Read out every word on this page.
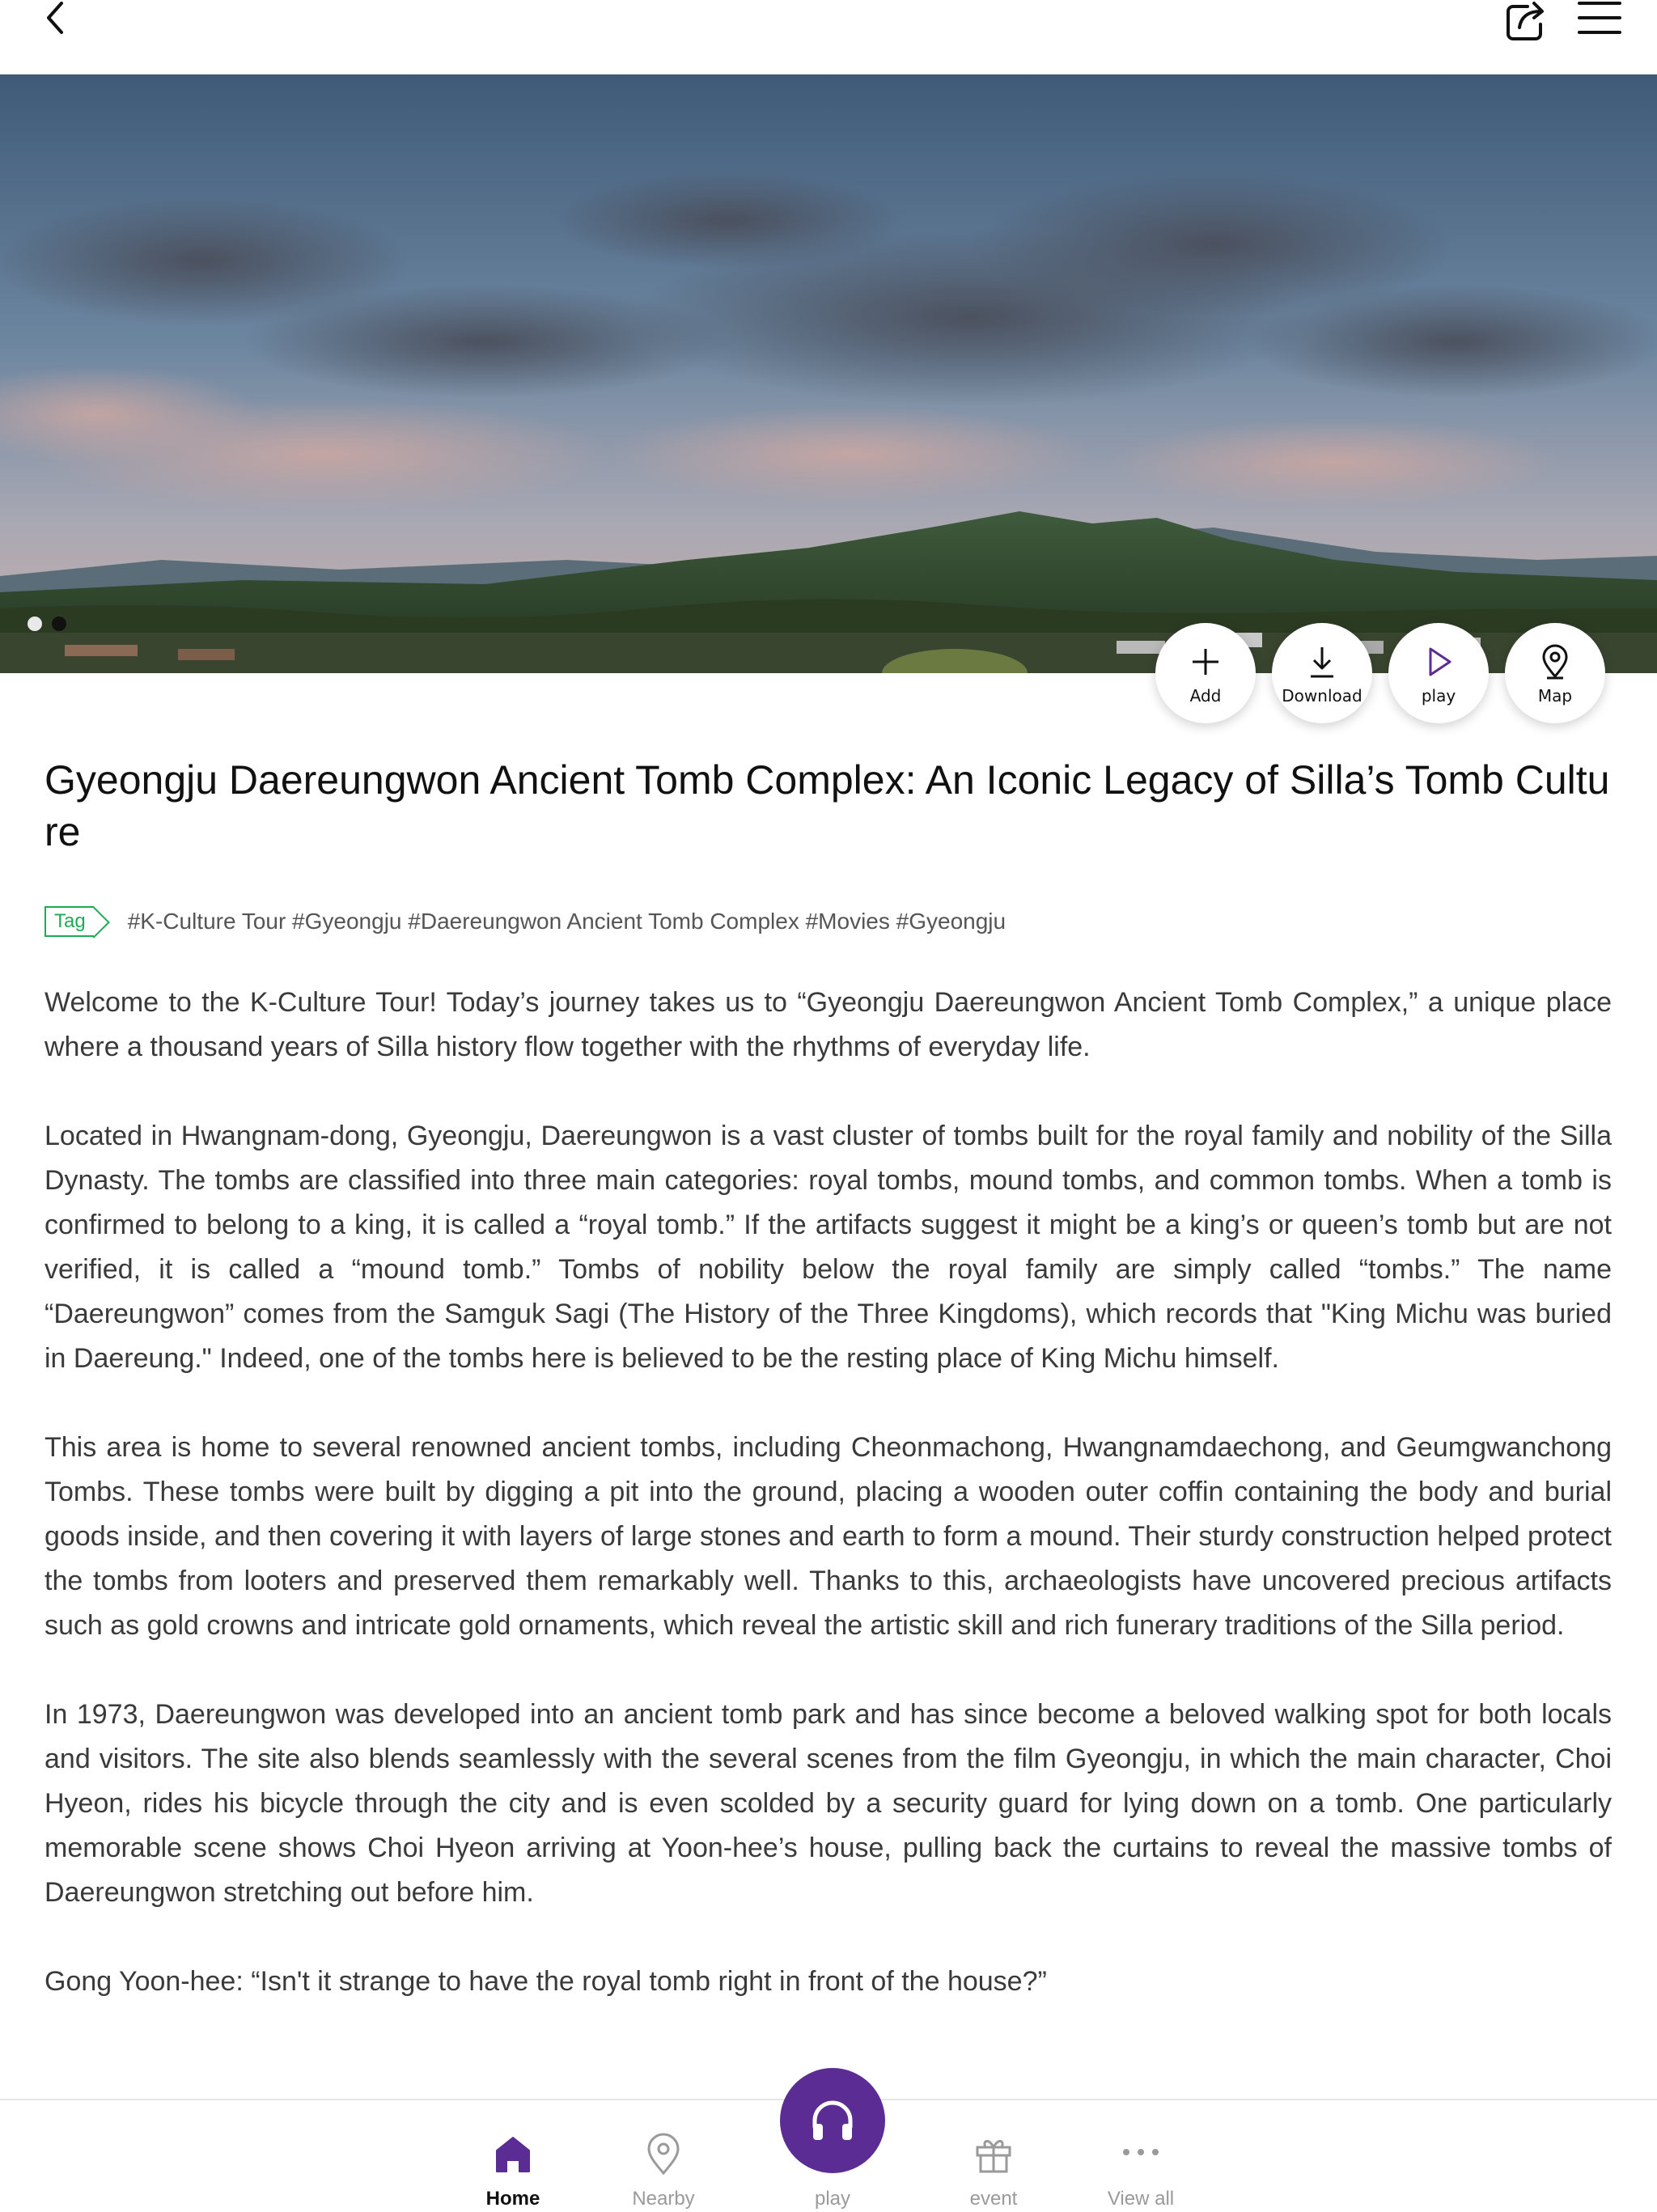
Add	Download	play	Map
Gyeongju Daereungwon Ancient Tomb Complex: An Iconic Legacy of Silla’s Tomb Culture
Tag	#K-Culture Tour #Gyeongju #Daereungwon Ancient Tomb Complex #Movies #Gyeongju

Welcome to the K-Culture Tour! Today’s journey takes us to “Gyeongju Daereungwon Ancient Tomb Complex,” a unique place where a thousand years of Silla history flow together with the rhythms of everyday life.

Located in Hwangnam-dong, Gyeongju, Daereungwon is a vast cluster of tombs built for the royal family and nobility of the Silla Dynasty. The tombs are classified into three main categories: royal tombs, mound tombs, and common tombs. When a tomb is confirmed to belong to a king, it is called a “royal tomb.” If the artifacts suggest it might be a king’s or queen’s tomb but are not verified, it is called a “mound tomb.” Tombs of nobility below the royal family are simply called “tombs.” The name “Daereungwon” comes from the Samguk Sagi (The History of the Three Kingdoms), which records that "King Michu was buried in Daereung." Indeed, one of the tombs here is believed to be the resting place of King Michu himself.

This area is home to several renowned ancient tombs, including Cheonmachong, Hwangnamdaechong, and Geumgwanchong Tombs. These tombs were built by digging a pit into the ground, placing a wooden outer coffin containing the body and burial goods inside, and then covering it with layers of large stones and earth to form a mound. Their sturdy construction helped protect the tombs from looters and preserved them remarkably well. Thanks to this, archaeologists have uncovered precious artifacts such as gold crowns and intricate gold ornaments, which reveal the artistic skill and rich funerary traditions of the Silla period.

In 1973, Daereungwon was developed into an ancient tomb park and has since become a beloved walking spot for both locals and visitors. The site also blends seamlessly with the several scenes from the film Gyeongju, in which the main character, Choi Hyeon, rides his bicycle through the city and is even scolded by a security guard for lying down on a tomb. One particularly memorable scene shows Choi Hyeon arriving at Yoon-hee’s house, pulling back the curtains to reveal the massive tombs of Daereungwon stretching out before him.

Gong Yoon-hee: “Isn't it strange to have the royal tomb right in front of the house?”

Home	Nearby	play	event	View all
